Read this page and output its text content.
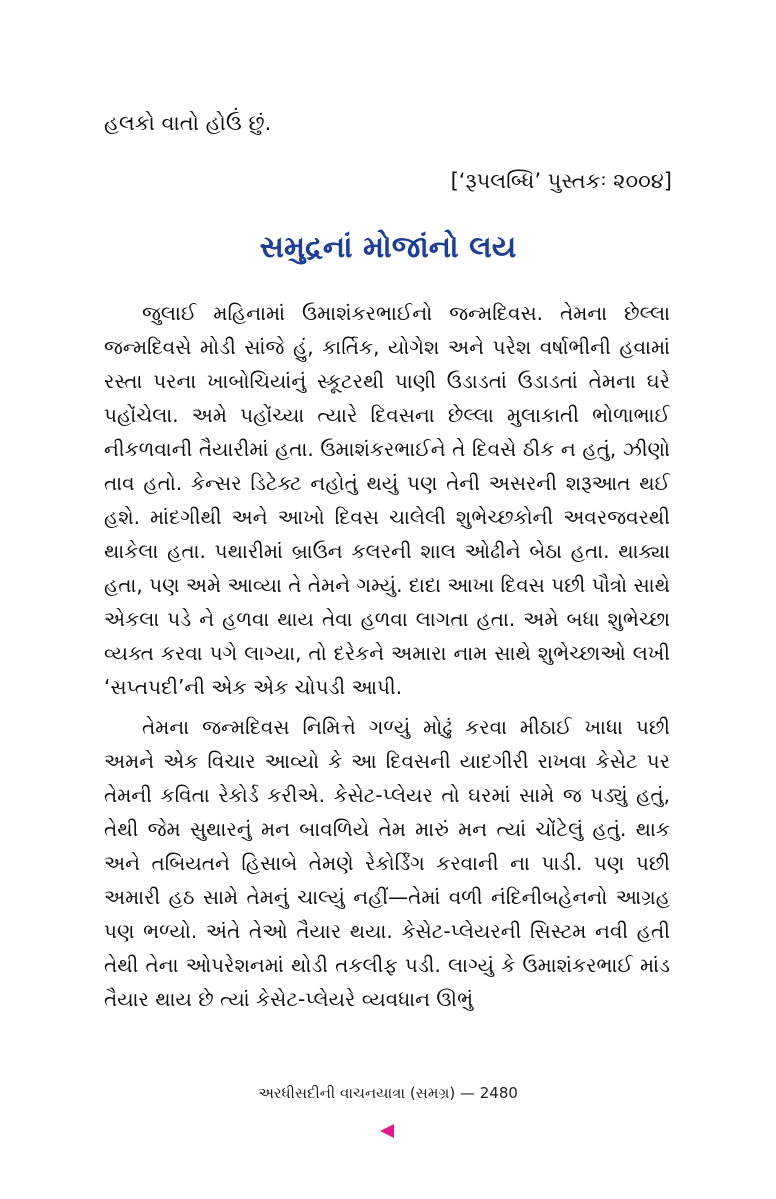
હલકો વાતો હોઉં છું.
[‘રૂપલબ્ધિ’ પુસ્તકઃ ૨૦૦૪]
સમુદ્રનાં મોજાંનો લય

જુલાઈ મહિનામાં ઉમાશંકરભાઈનો જન્મદિવસ. તેમના છેલ્લા જન્મદિવસે મોડી સાંજે હું, કાર્તિક, યોગેશ અને પરેશ વર્ષાભીની હવામાં રસ્તા પરના ખાબોચિયાંનું સ્કૂટરથી પાણી ઉડાડતાં ઉડાડતાં તેમના ઘરે પહોંચેલા. અમે પહોંચ્યા ત્યારે દિવસના છેલ્લા મુલાકાતી ભોળાભાઈ નીકળવાની તૈયારીમાં હતા. ઉમાશંકરભાઈને તે દિવસે ઠીક ન હતું, ઝીણો તાવ હતો. કેન્સર ડિટેક્ટ નહોતું થયું પણ તેની અસરની શરૂઆત થઈ હશે. માંદગીથી અને આખો દિવસ ચાલેલી શુભેચ્છકોની અવરજવરથી થાકેલા હતા. પથારીમાં બ્રાઉન કલરની શાલ ઓઢીને બેઠા હતા. થાક્યા હતા, પણ અમે આવ્યા તે તેમને ગમ્યું. દાદા આખા દિવસ પછી પૌત્રો સાથે એકલા પડે ને હળવા થાય તેવા હળવા લાગતા હતા. અમે બધા શુભેચ્છા વ્યક્ત કરવા પગે લાગ્યા, તો દરેકને અમારા નામ સાથે શુભેચ્છાઓ લખી ‘સપ્તપદી’ની એક એક ચોપડી આપી.

તેમના જન્મદિવસ નિમિત્તે ગળ્યું મોઢું કરવા મીઠાઈ ખાધા પછી અમને એક વિચાર આવ્યો કે આ દિવસની યાદગીરી રાખવા કેસેટ પર તેમની કવિતા રેકોર્ડ કરીએ. કેસેટ-પ્લેયર તો ઘરમાં સામે જ પડ્યું હતું, તેથી જેમ સુથારનું મન બાવળિયે તેમ મારું મન ત્યાં ચોંટેલું હતું. થાક અને તબિયતને હિસાબે તેમણે રેકોર્ડિંગ કરવાની ના પાડી. પણ પછી અમારી હઠ સામે તેમનું ચાલ્યું નહીં—તેમાં વળી નંદિનીબહેનનો આગ્રહ પણ ભળ્યો. અંતે તેઓ તૈયાર થયા. કેસેટ-પ્લેયરની સિસ્ટમ નવી હતી તેથી તેના ઓપરેશનમાં થોડી તકલીફ પડી. લાગ્યું કે ઉમાશંકરભાઈ માંડ તૈયાર થાય છે ત્યાં કેસેટ-પ્લેયરે વ્યવધાન ઊભું

અરધીસદીની વાચનયાત્રા (સમગ્ર) — 2480
